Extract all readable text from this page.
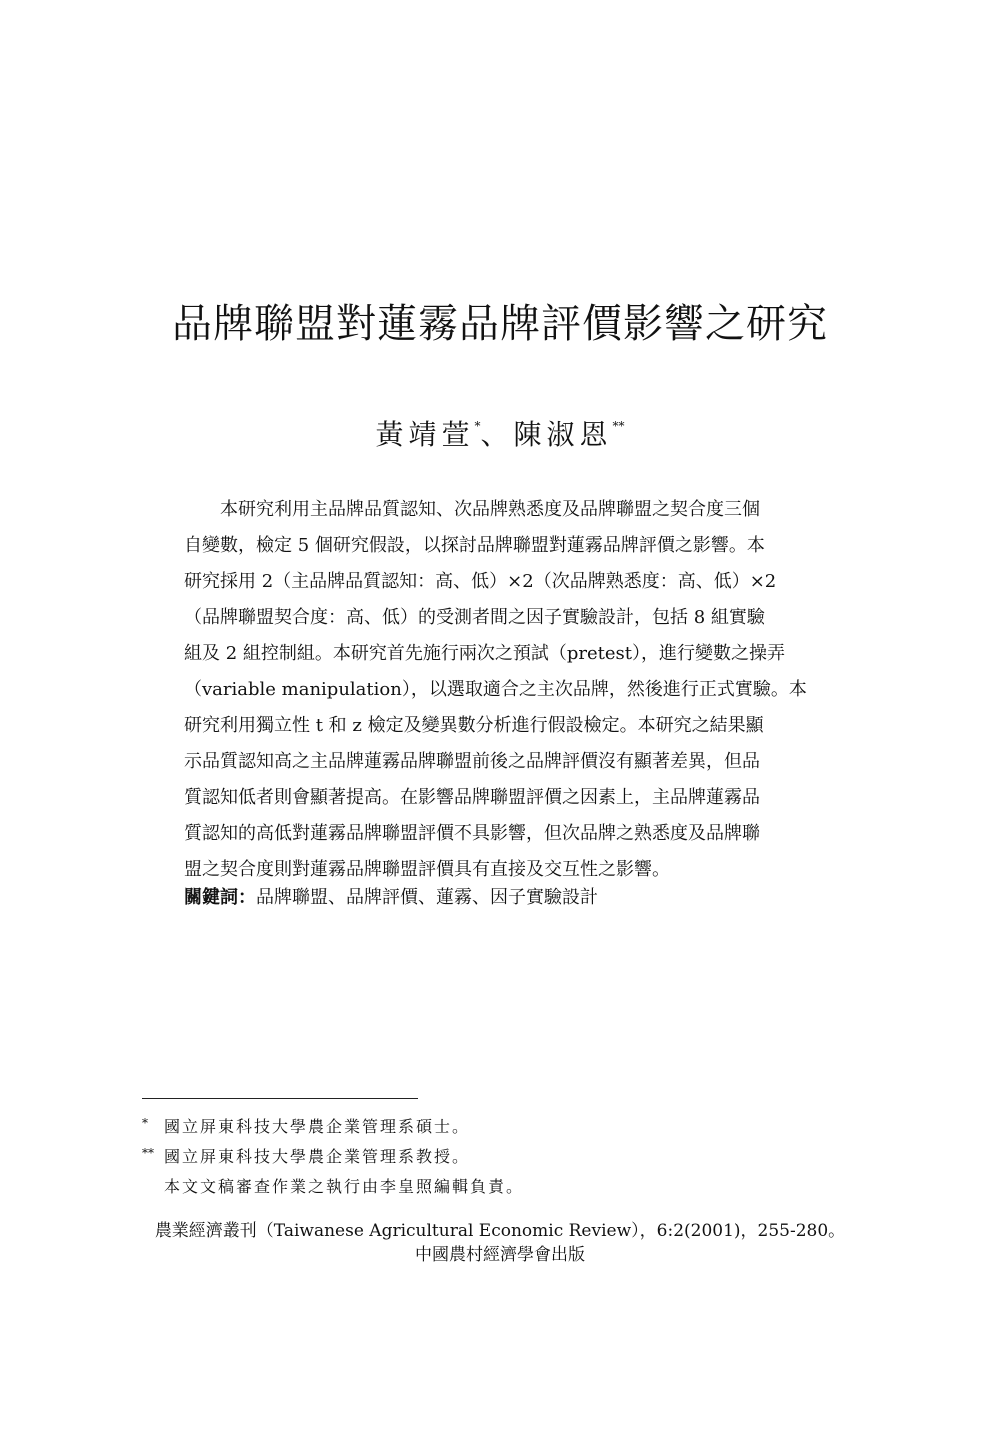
品牌聯盟對蓮霧品牌評價影響之研究
黃靖萱*、陳淑恩**
本研究利用主品牌品質認知、次品牌熟悉度及品牌聯盟之契合度三個
自變數，檢定 5 個研究假設，以探討品牌聯盟對蓮霧品牌評價之影響。本
研究採用 2（主品牌品質認知：高、低）×2（次品牌熟悉度：高、低）×2
（品牌聯盟契合度：高、低）的受測者間之因子實驗設計，包括 8 組實驗
組及 2 組控制組。本研究首先施行兩次之預試（pretest），進行變數之操弄
（variable manipulation），以選取適合之主次品牌，然後進行正式實驗。本
研究利用獨立性 t 和 z 檢定及變異數分析進行假設檢定。本研究之結果顯
示品質認知高之主品牌蓮霧品牌聯盟前後之品牌評價沒有顯著差異，但品
質認知低者則會顯著提高。在影響品牌聯盟評價之因素上，主品牌蓮霧品
質認知的高低對蓮霧品牌聯盟評價不具影響，但次品牌之熟悉度及品牌聯
盟之契合度則對蓮霧品牌聯盟評價具有直接及交互性之影響。
關鍵詞：品牌聯盟、品牌評價、蓮霧、因子實驗設計
* 國立屏東科技大學農企業管理系碩士。
** 國立屏東科技大學農企業管理系教授。
本文文稿審查作業之執行由李皇照編輯負責。
農業經濟叢刊（Taiwanese Agricultural Economic Review），6:2(2001)，255-280。
中國農村經濟學會出版
